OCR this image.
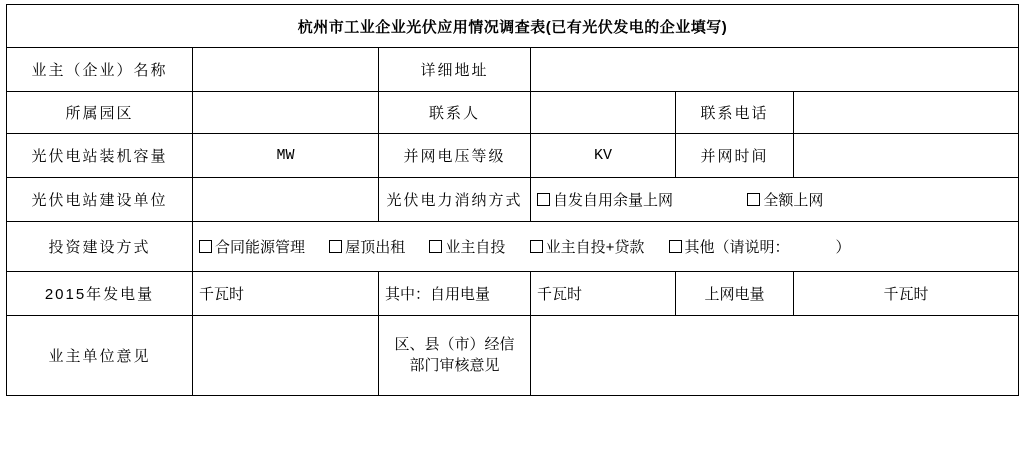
杭州市工业企业光伏应用情况调查表(已有光伏发电的企业填写)					
业主（企业）名称		详细地址			
所属园区		联系人		联系电话	
光伏电站装机容量	MW	并网电压等级	KV	并网时间	
光伏电站建设单位		光伏电力消纳方式	自发自用余量上网 全额上网		
投资建设方式	合同能源管理 屋顶出租 业主自投 业主自投+贷款 其他（请说明： ）				
2015年发电量	千瓦时	其中：自用电量	千瓦时	上网电量	千瓦时
业主单位意见		区、县（市）经信
部门审核意见			
